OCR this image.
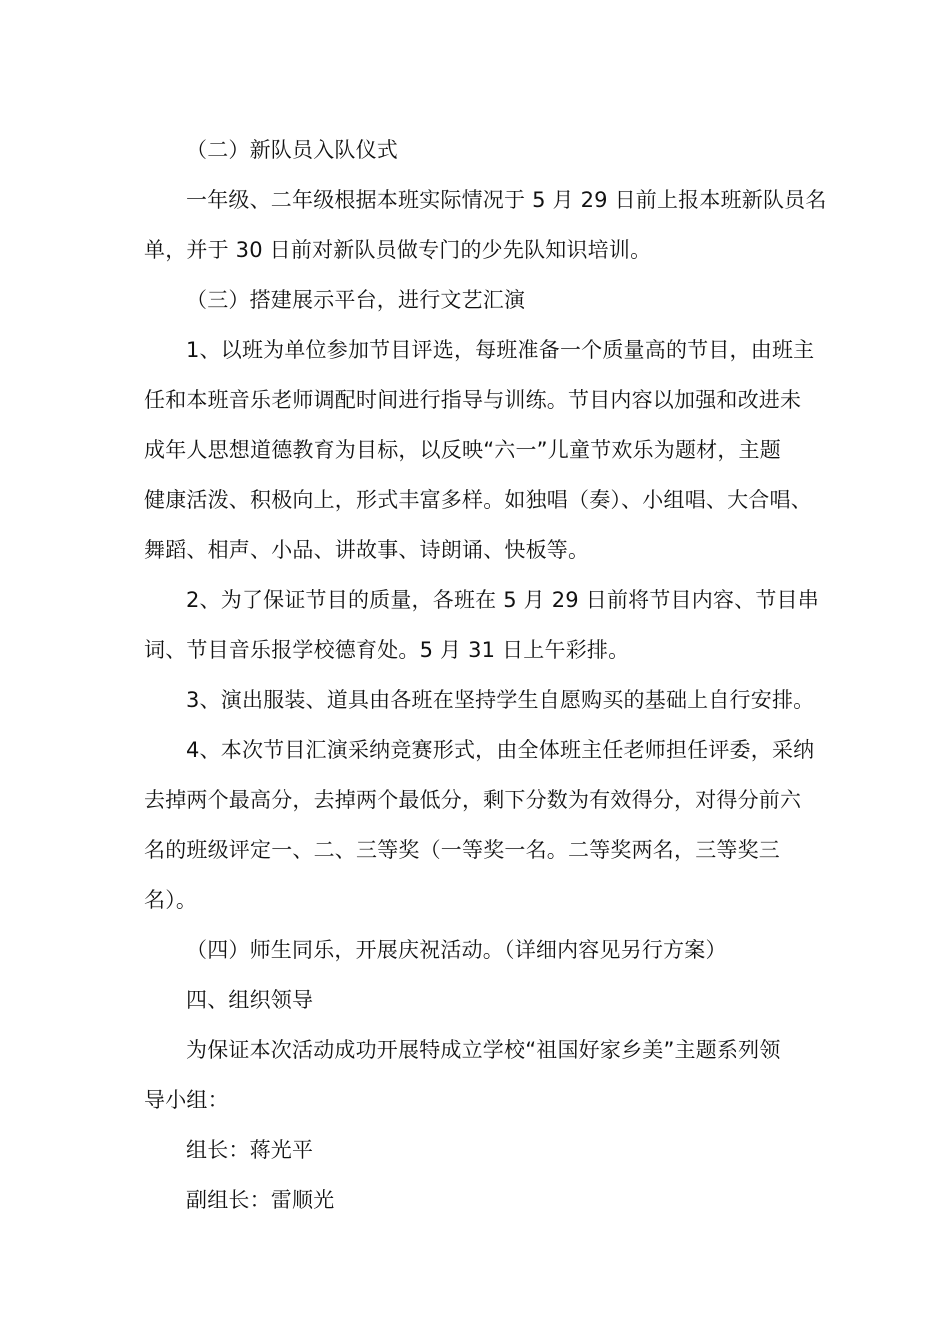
（二）新队员入队仪式
一年级、二年级根据本班实际情况于 5 月 29 日前上报本班新队员名
单，并于 30 日前对新队员做专门的少先队知识培训。
（三）搭建展示平台，进行文艺汇演
1、以班为单位参加节目评选，每班准备一个质量高的节目，由班主
任和本班音乐老师调配时间进行指导与训练。节目内容以加强和改进未
成年人思想道德教育为目标，以反映“六一”儿童节欢乐为题材，主题
健康活泼、积极向上，形式丰富多样。如独唱（奏）、小组唱、大合唱、
舞蹈、相声、小品、讲故事、诗朗诵、快板等。
2、为了保证节目的质量，各班在 5 月 29 日前将节目内容、节目串
词、节目音乐报学校德育处。5 月 31 日上午彩排。
3、演出服装、道具由各班在坚持学生自愿购买的基础上自行安排。
4、本次节目汇演采纳竞赛形式，由全体班主任老师担任评委，采纳
去掉两个最高分，去掉两个最低分，剩下分数为有效得分，对得分前六
名的班级评定一、二、三等奖（一等奖一名。二等奖两名，三等奖三
名）。
（四）师生同乐，开展庆祝活动。（详细内容见另行方案）
四、组织领导
为保证本次活动成功开展特成立学校“祖国好家乡美”主题系列领
导小组：
组长：蒋光平
副组长：雷顺光
